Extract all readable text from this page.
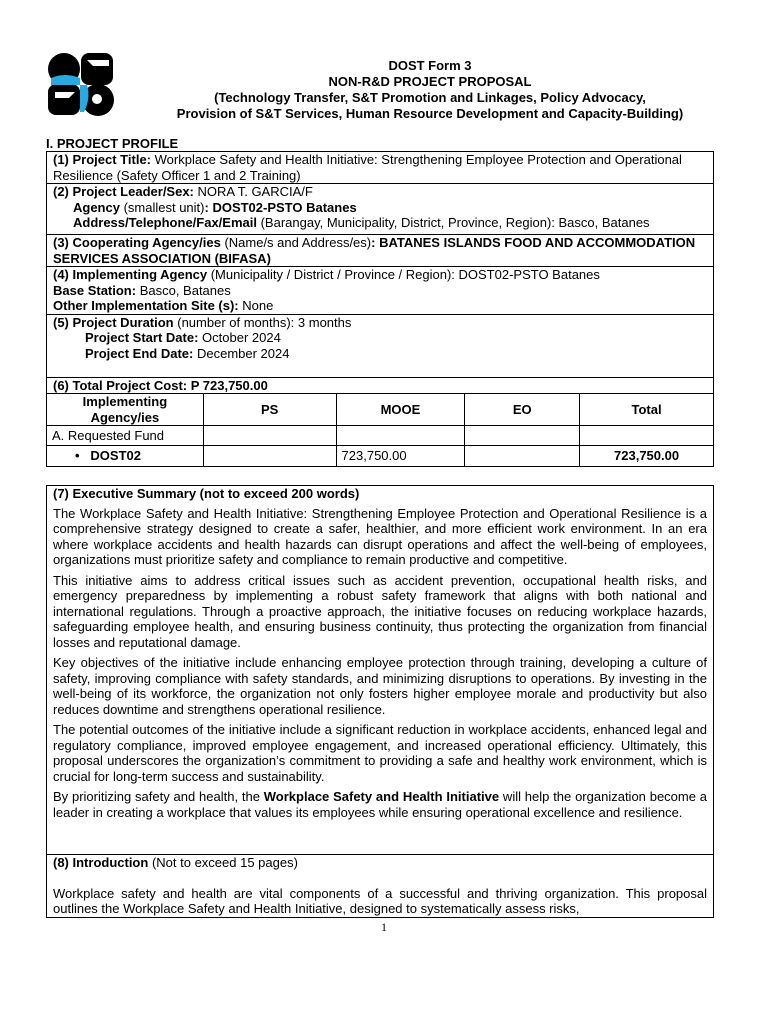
DOST Form 3
NON-R&D PROJECT PROPOSAL
(Technology Transfer, S&T Promotion and Linkages, Policy Advocacy,
Provision of S&T Services, Human Resource Development and Capacity-Building)
I. PROJECT PROFILE
(1) Project Title: Workplace Safety and Health Initiative: Strengthening Employee Protection and Operational Resilience (Safety Officer 1 and 2 Training)				

(2) Project Leader/Sex: NORA T. GARCIA/F

Agency (smallest unit): DOST02-PSTO Batanes

Address/Telephone/Fax/Email (Barangay, Municipality, District, Province, Region): Basco, Batanes				

(3) Cooperating Agency/ies (Name/s and Address/es): BATANES ISLANDS FOOD AND ACCOMMODATION SERVICES ASSOCIATION (BIFASA)				

(4) Implementing Agency (Municipality / District / Province / Region): DOST02-PSTO Batanes

Base Station: Basco, Batanes

Other Implementation Site (s): None				

(5) Project Duration (number of months): 3 months

Project Start Date: October 2024

Project End Date: December 2024				

(6) Total Project Cost: P 723,750.00				
Implementing Agency/ies	PS	MOOE	EO	Total
A. Requested Fund				
• DOST02		723,750.00		723,750.00

(7) Executive Summary (not to exceed 200 words)

The Workplace Safety and Health Initiative: Strengthening Employee Protection and Operational Resilience is a comprehensive strategy designed to create a safer, healthier, and more efficient work environment. In an era where workplace accidents and health hazards can disrupt operations and affect the well-being of employees, organizations must prioritize safety and compliance to remain productive and competitive.

This initiative aims to address critical issues such as accident prevention, occupational health risks, and emergency preparedness by implementing a robust safety framework that aligns with both national and international regulations. Through a proactive approach, the initiative focuses on reducing workplace hazards, safeguarding employee health, and ensuring business continuity, thus protecting the organization from financial losses and reputational damage.

Key objectives of the initiative include enhancing employee protection through training, developing a culture of safety, improving compliance with safety standards, and minimizing disruptions to operations. By investing in the well-being of its workforce, the organization not only fosters higher employee morale and productivity but also reduces downtime and strengthens operational resilience.

The potential outcomes of the initiative include a significant reduction in workplace accidents, enhanced legal and regulatory compliance, improved employee engagement, and increased operational efficiency. Ultimately, this proposal underscores the organization’s commitment to providing a safe and healthy work environment, which is crucial for long-term success and sustainability.

By prioritizing safety and health, the Workplace Safety and Health Initiative will help the organization become a leader in creating a workplace that values its employees while ensuring operational excellence and resilience.

(8) Introduction (Not to exceed 15 pages)

Workplace safety and health are vital components of a successful and thriving organization. This proposal outlines the Workplace Safety and Health Initiative, designed to systematically assess risks,

1
